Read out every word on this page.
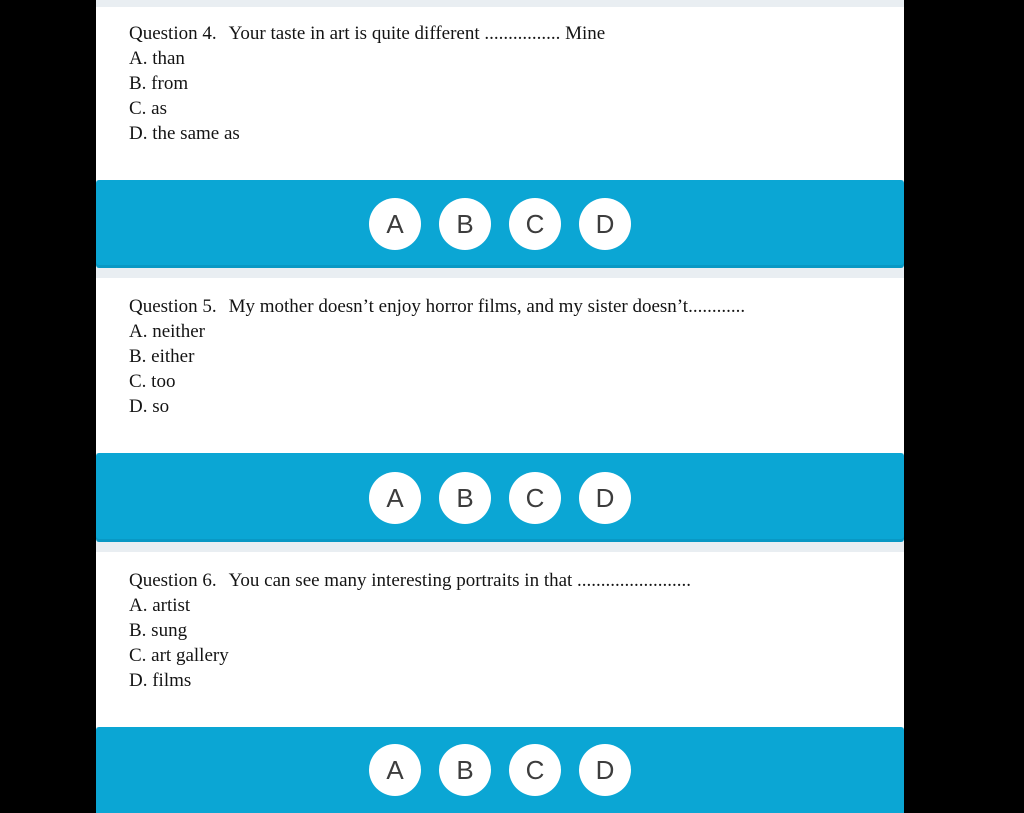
Question 4. Your taste in art is quite different ................ Mine
A. than
B. from
C. as
D. the same as
A	B	C	D
Question 5. My mother doesn’t enjoy horror films, and my sister doesn’t............
A. neither
B. either
C. too
D. so
A	B	C	D
Question 6. You can see many interesting portraits in that ........................
A. artist
B. sung
C. art gallery
D. films
A	B	C	D
